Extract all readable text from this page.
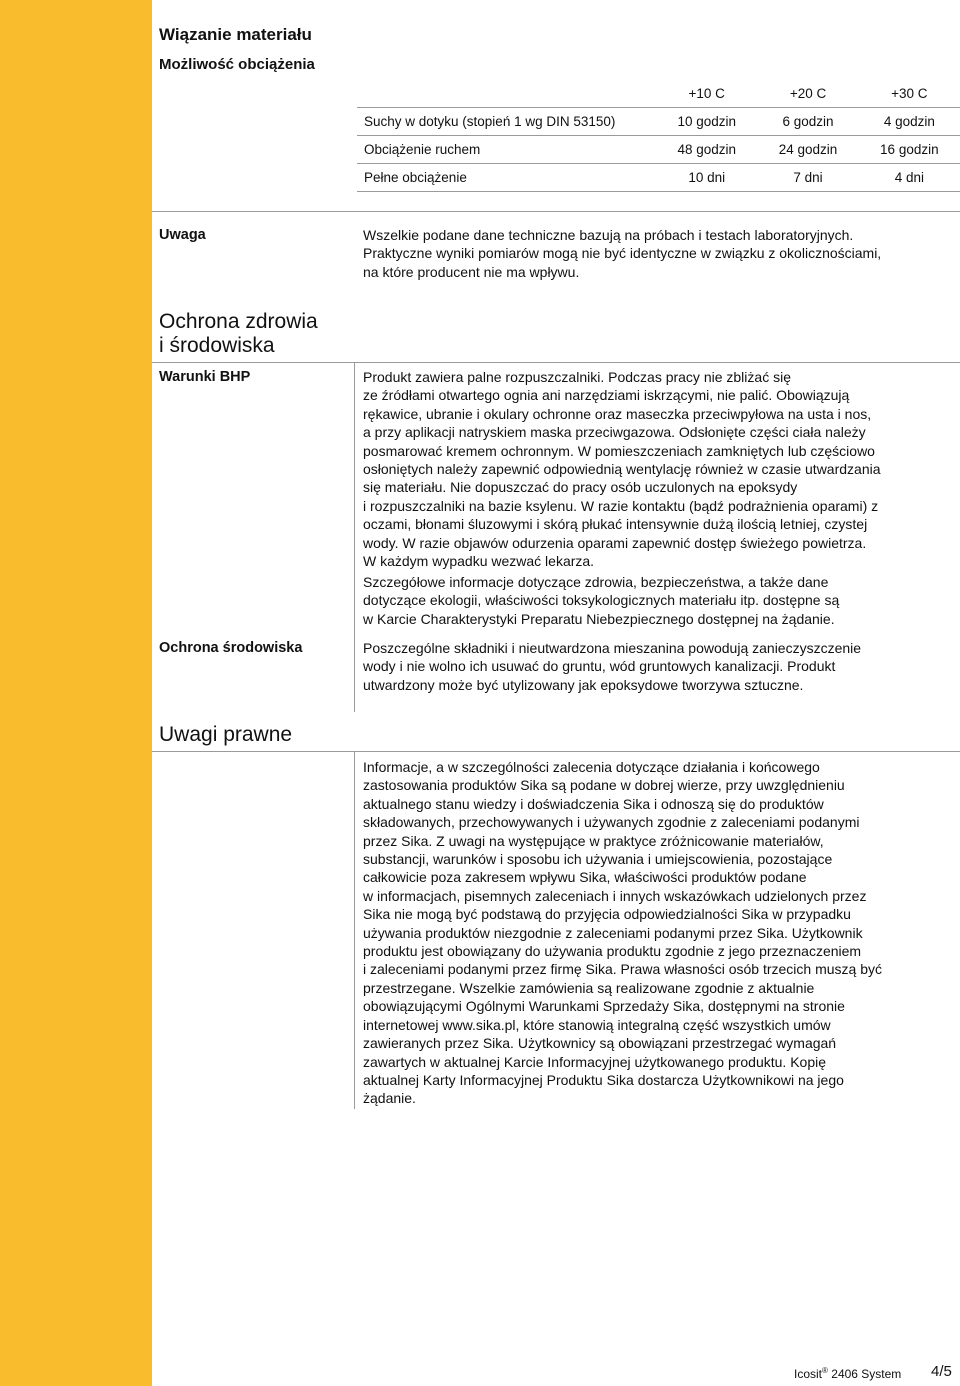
Wiązanie materiału
Możliwość obciążenia
	+10 C	+20 C	+30 C
Suchy w dotyku (stopień 1 wg DIN 53150)	10 godzin	6 godzin	4 godzin
Obciążenie ruchem	48 godzin	24 godzin	16 godzin
Pełne obciążenie	10 dni	7 dni	4 dni
Uwaga	Wszelkie podane dane techniczne bazują na próbach i testach laboratoryjnych.
Praktyczne wyniki pomiarów mogą nie być identyczne w związku z okolicznościami,
na które producent nie ma wpływu.
Ochrona zdrowia
i środowiska
Warunki BHP	Produkt zawiera palne rozpuszczalniki. Podczas pracy nie zbliżać się
ze źródłami otwartego ognia ani narzędziami iskrzącymi, nie palić. Obowiązują
rękawice, ubranie i okulary ochronne oraz maseczka przeciwpyłowa na usta i nos,
a przy aplikacji natryskiem maska przeciwgazowa. Odsłonięte części ciała należy
posmarować kremem ochronnym. W pomieszczeniach zamkniętych lub częściowo
osłoniętych należy zapewnić odpowiednią wentylację również w czasie utwardzania
się materiału. Nie dopuszczać do pracy osób uczulonych na epoksydy
i rozpuszczalniki na bazie ksylenu. W razie kontaktu (bądź podrażnienia oparami) z
oczami, błonami śluzowymi i skórą płukać intensywnie dużą ilością letniej, czystej
wody. W razie objawów odurzenia oparami zapewnić dostęp świeżego powietrza.
W każdym wypadku wezwać lekarza.
Szczegółowe informacje dotyczące zdrowia, bezpieczeństwa, a także dane
dotyczące ekologii, właściwości toksykologicznych materiału itp. dostępne są
w Karcie Charakterystyki Preparatu Niebezpiecznego dostępnej na żądanie.
Ochrona środowiska	Poszczególne składniki i nieutwardzona mieszanina powodują zanieczyszczenie
wody i nie wolno ich usuwać do gruntu, wód gruntowych kanalizacji. Produkt
utwardzony może być utylizowany jak epoksydowe tworzywa sztuczne.
Uwagi prawne
Informacje, a w szczególności zalecenia dotyczące działania i końcowego
zastosowania produktów Sika są podane w dobrej wierze, przy uwzględnieniu
aktualnego stanu wiedzy i doświadczenia Sika i odnoszą się do produktów
składowanych, przechowywanych i używanych zgodnie z zaleceniami podanymi
przez Sika. Z uwagi na występujące w praktyce zróżnicowanie materiałów,
substancji, warunków i sposobu ich używania i umiejscowienia, pozostające
całkowicie poza zakresem wpływu Sika, właściwości produktów podane
w informacjach, pisemnych zaleceniach i innych wskazówkach udzielonych przez
Sika nie mogą być podstawą do przyjęcia odpowiedzialności Sika w przypadku
używania produktów niezgodnie z zaleceniami podanymi przez Sika. Użytkownik
produktu jest obowiązany do używania produktu zgodnie z jego przeznaczeniem
i zaleceniami podanymi przez firmę Sika. Prawa własności osób trzecich muszą być
przestrzegane. Wszelkie zamówienia są realizowane zgodnie z aktualnie
obowiązującymi Ogólnymi Warunkami Sprzedaży Sika, dostępnymi na stronie
internetowej www.sika.pl, które stanowią integralną część wszystkich umów
zawieranych przez Sika. Użytkownicy są obowiązani przestrzegać wymagań
zawartych w aktualnej Karcie Informacyjnej użytkowanego produktu. Kopię
aktualnej Karty Informacyjnej Produktu Sika dostarcza Użytkownikowi na jego
żądanie.
Icosit® 2406 System 4/5
